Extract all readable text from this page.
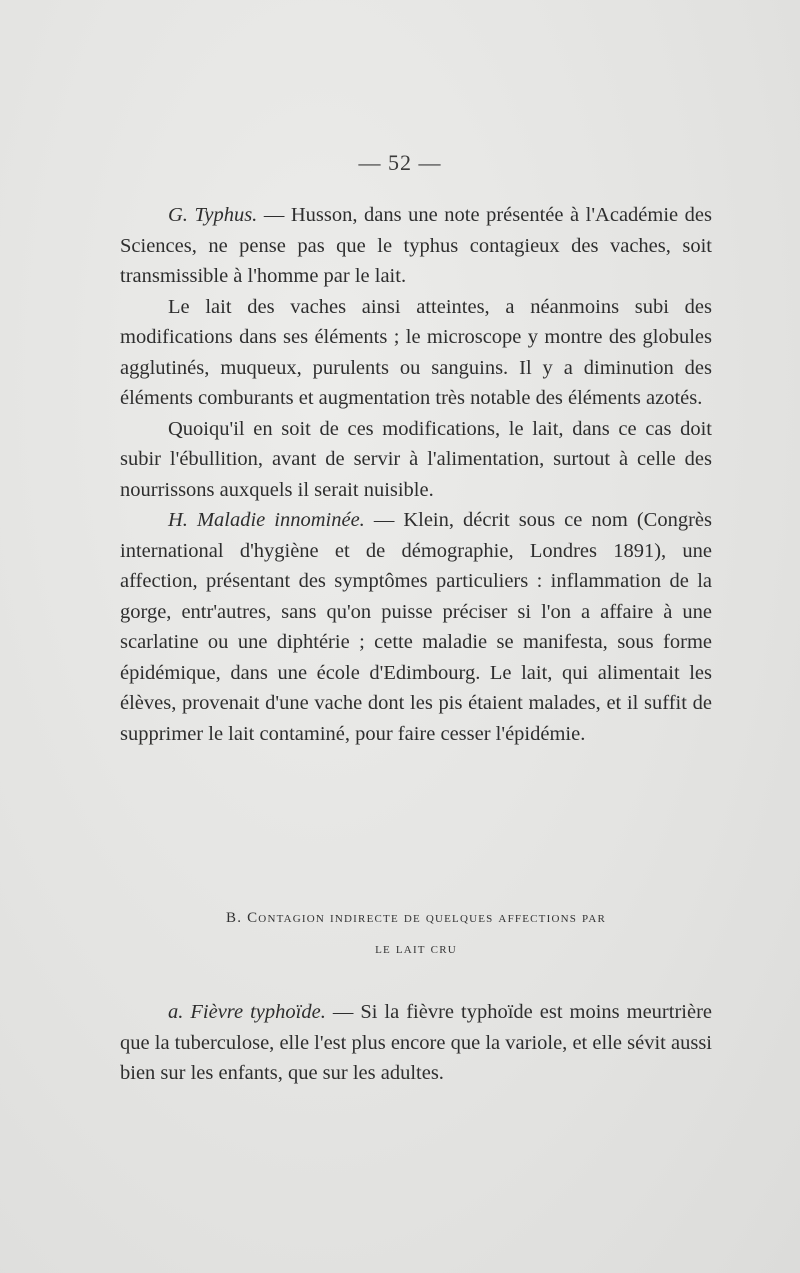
— 52 —

G. Typhus. — Husson, dans une note présentée à l'Académie des Sciences, ne pense pas que le typhus contagieux des vaches, soit transmissible à l'homme par le lait.

Le lait des vaches ainsi atteintes, a néanmoins subi des modifications dans ses éléments ; le microscope y montre des globules agglutinés, muqueux, purulents ou sanguins. Il y a diminution des éléments comburants et augmentation très notable des éléments azotés.

Quoiqu'il en soit de ces modifications, le lait, dans ce cas doit subir l'ébullition, avant de servir à l'alimentation, surtout à celle des nourrissons auxquels il serait nuisible.

H. Maladie innominée. — Klein, décrit sous ce nom (Congrès international d'hygiène et de démographie, Londres 1891), une affection, présentant des symptômes particuliers : inflammation de la gorge, entr'autres, sans qu'on puisse préciser si l'on a affaire à une scarlatine ou une diphtérie ; cette maladie se manifesta, sous forme épidémique, dans une école d'Edimbourg. Le lait, qui alimentait les élèves, provenait d'une vache dont les pis étaient malades, et il suffit de supprimer le lait contaminé, pour faire cesser l'épidémie.

B. Contagion indirecte de quelques affections par
le lait cru

a. Fièvre typhoïde. — Si la fièvre typhoïde est moins meurtrière que la tuberculose, elle l'est plus encore que la variole, et elle sévit aussi bien sur les enfants, que sur les adultes.
